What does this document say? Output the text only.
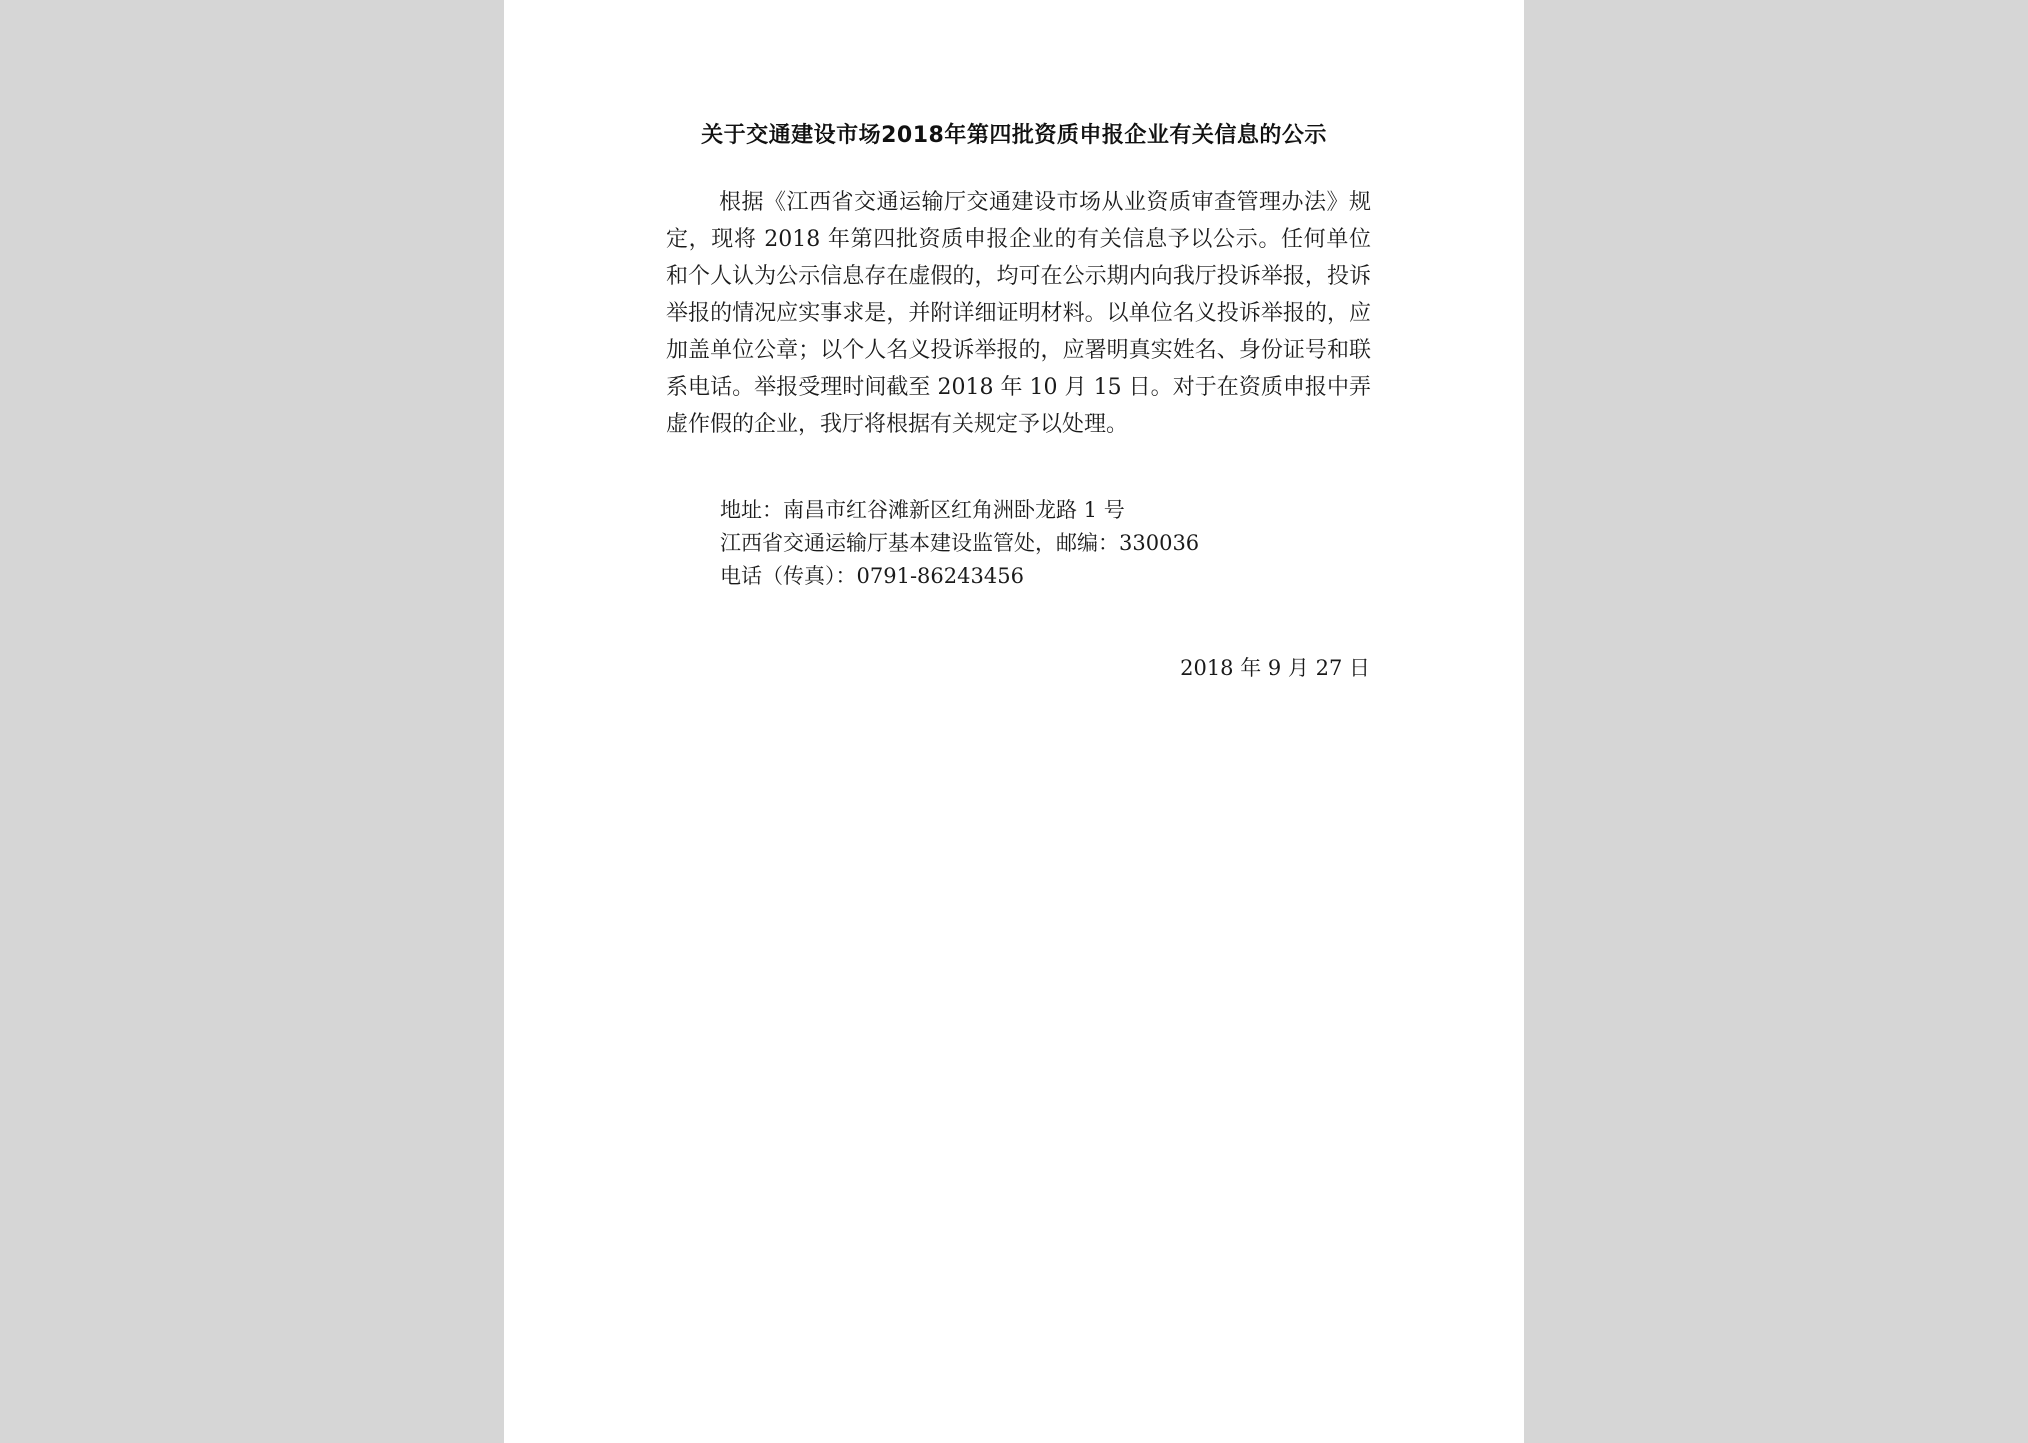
关于交通建设市场2018年第四批资质申报企业有关信息的公示
根据《江西省交通运输厅交通建设市场从业资质审查管理办法》规定，现将 2018 年第四批资质申报企业的有关信息予以公示。任何单位和个人认为公示信息存在虚假的，均可在公示期内向我厅投诉举报，投诉举报的情况应实事求是，并附详细证明材料。以单位名义投诉举报的，应加盖单位公章；以个人名义投诉举报的，应署明真实姓名、身份证号和联系电话。举报受理时间截至 2018 年 10 月 15 日。对于在资质申报中弄虚作假的企业，我厅将根据有关规定予以处理。
地址：南昌市红谷滩新区红角洲卧龙路 1 号
江西省交通运输厅基本建设监管处，邮编：330036
电话（传真）：0791-86243456
2018 年 9 月 27 日
